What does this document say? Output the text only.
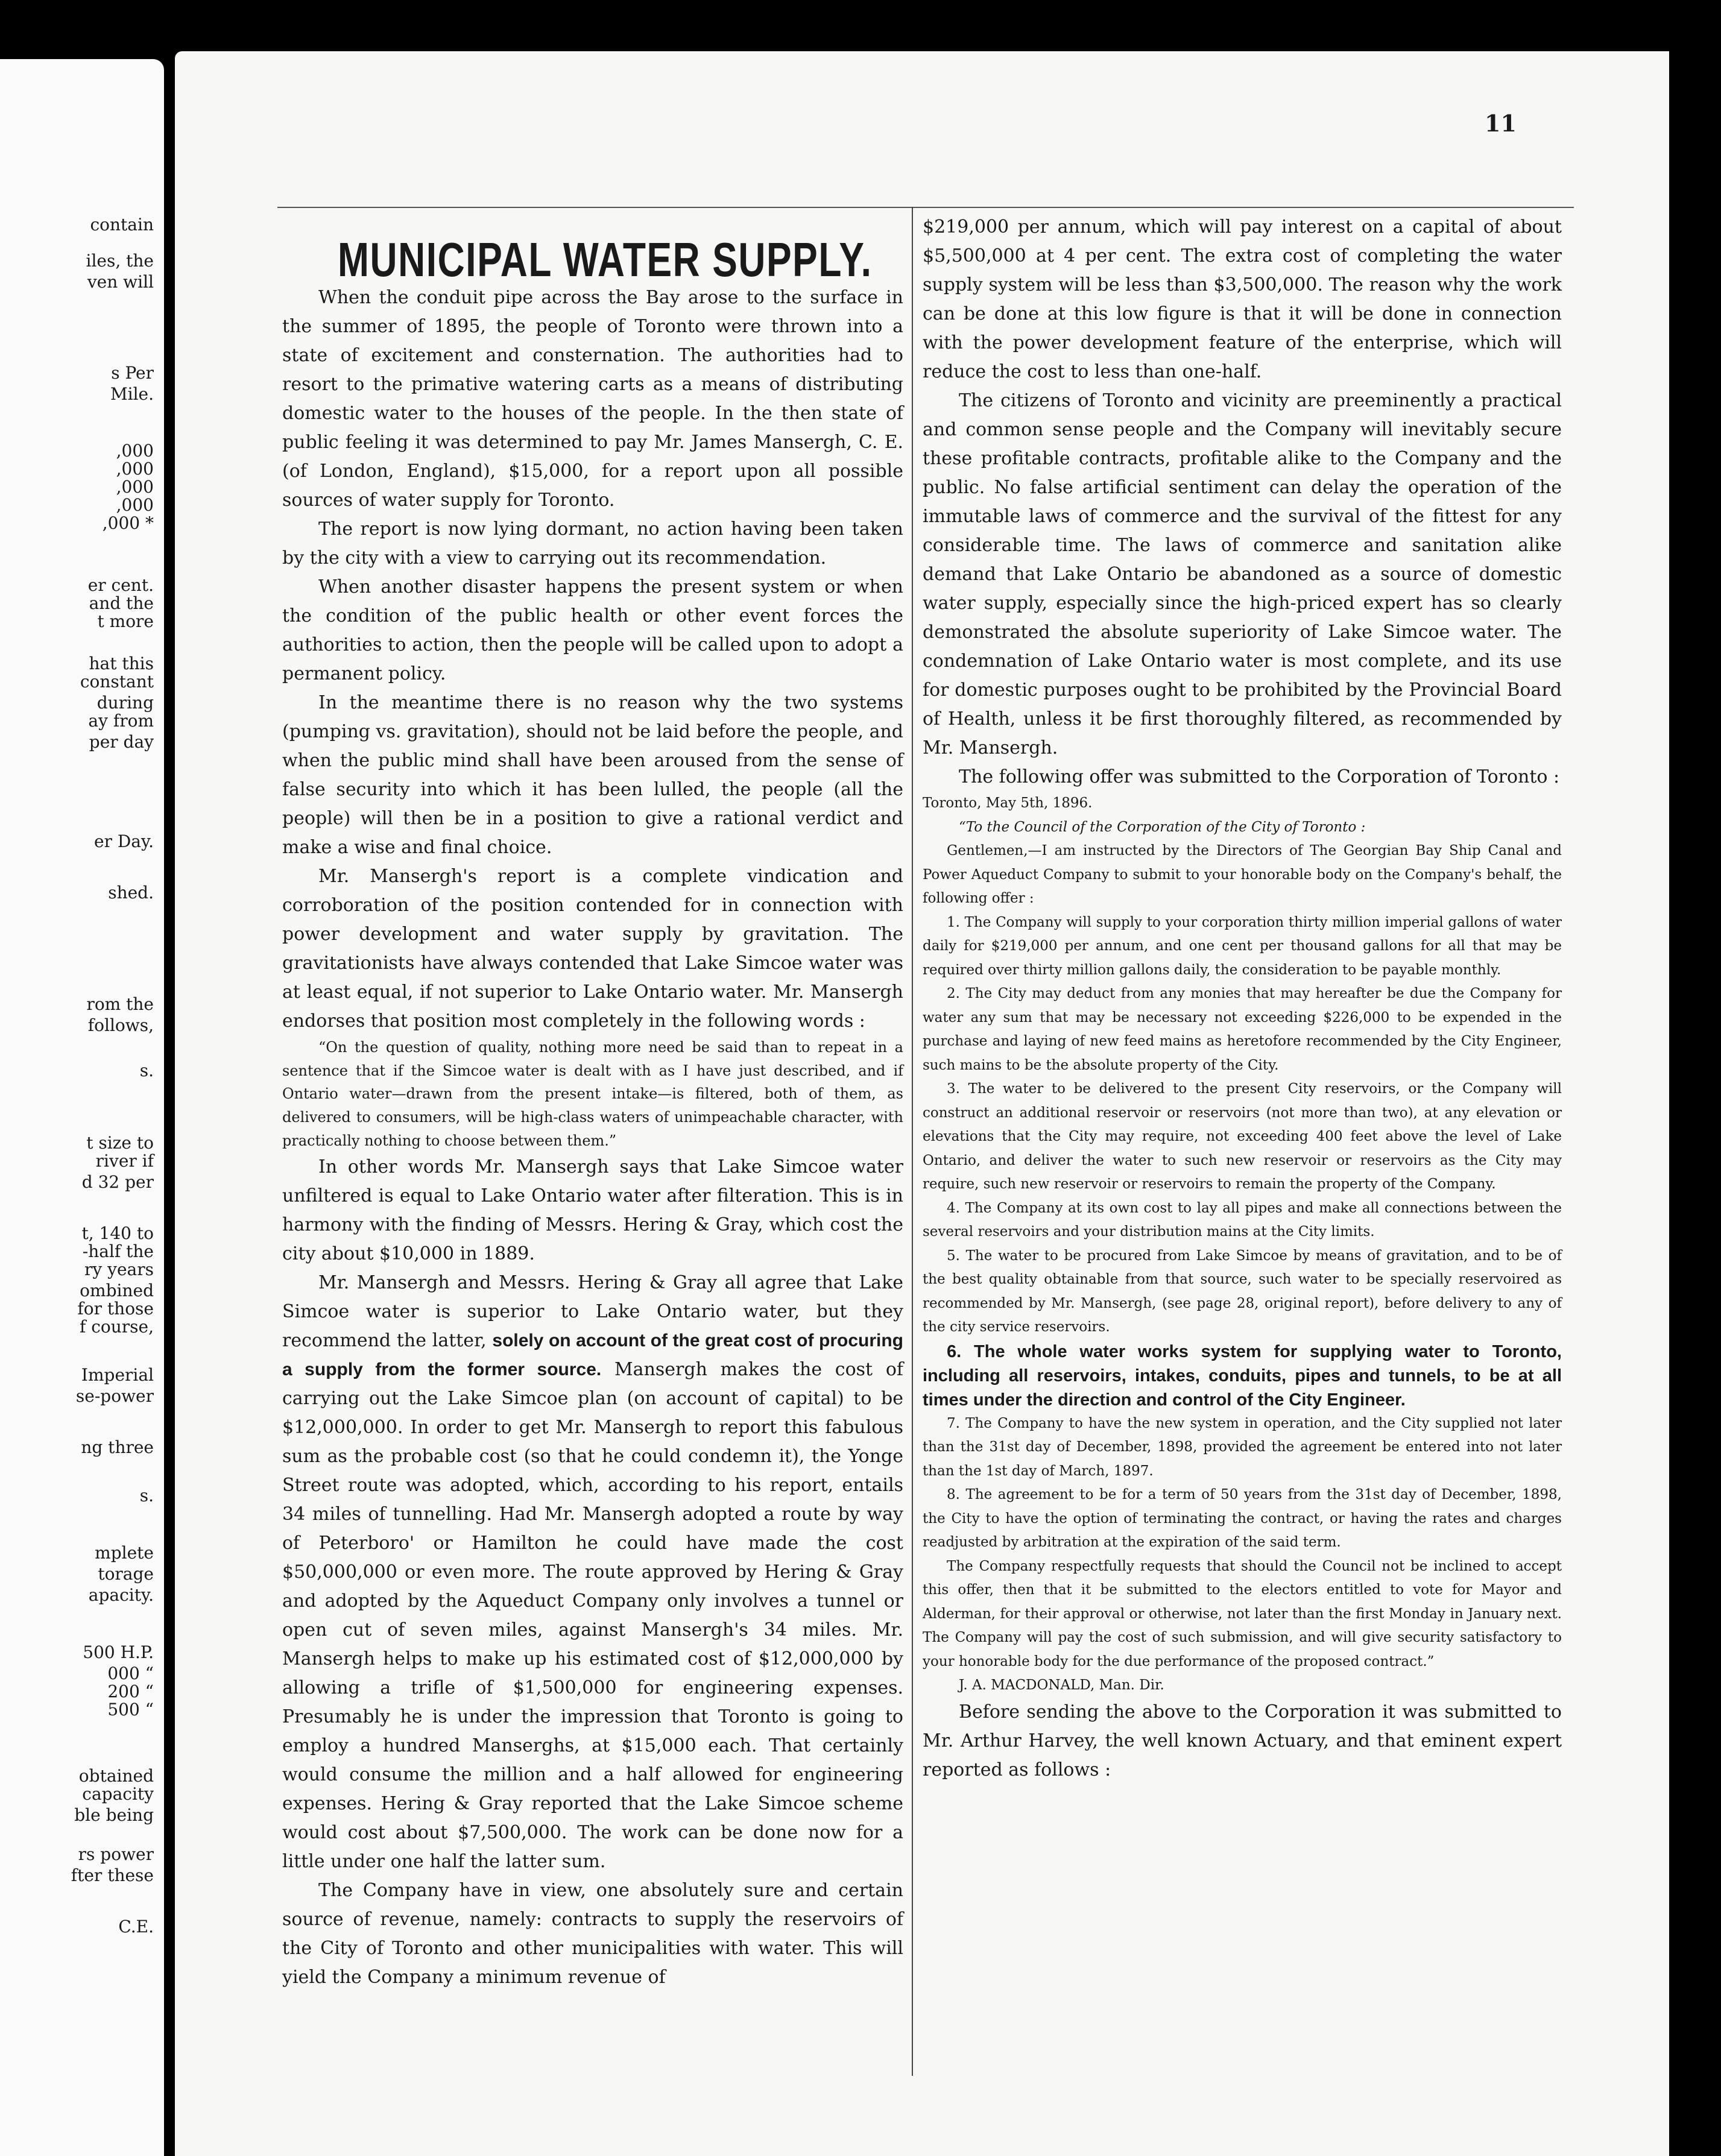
contain
iles, the
ven will
s Per
Mile.
,000
,000
,000
,000
,000 *
er cent.
and the
t more
hat this
constant
during
ay from
per day
er Day.
shed.
rom the
follows,
s.
t size to
river if
d 32 per
t, 140 to
-half the
ry years
ombined
for those
f course,
Imperial
se-power
ng three
s.
mplete
torage
apacity.
500 H.P.
000 “
200 “
500 “
obtained
capacity
ble being
rs power
fter these
C.E.
11
MUNICIPAL WATER SUPPLY.

When the conduit pipe across the Bay arose to the surface in the summer of 1895, the people of Toronto were thrown into a state of excitement and consternation. The authorities had to resort to the primative watering carts as a means of distributing domestic water to the houses of the people. In the then state of public feeling it was determined to pay Mr. James Mansergh, C. E. (of London, England), $15,000, for a report upon all possible sources of water supply for Toronto.

The report is now lying dormant, no action having been taken by the city with a view to carrying out its recommendation.

When another disaster happens the present system or when the condition of the public health or other event forces the authorities to action, then the people will be called upon to adopt a permanent policy.

In the meantime there is no reason why the two systems (pumping vs. gravitation), should not be laid before the people, and when the public mind shall have been aroused from the sense of false security into which it has been lulled, the people (all the people) will then be in a position to give a rational verdict and make a wise and final choice.

Mr. Mansergh's report is a complete vindication and corroboration of the position contended for in connection with power development and water supply by gravitation. The gravitationists have always contended that Lake Simcoe water was at least equal, if not superior to Lake Ontario water. Mr. Mansergh endorses that position most completely in the following words :

“On the question of quality, nothing more need be said than to repeat in a sentence that if the Simcoe water is dealt with as I have just described, and if Ontario water—drawn from the present intake—is filtered, both of them, as delivered to consumers, will be high-class waters of unimpeachable character, with practically nothing to choose between them.”

In other words Mr. Mansergh says that Lake Simcoe water unfiltered is equal to Lake Ontario water after filteration. This is in harmony with the finding of Messrs. Hering & Gray, which cost the city about $10,000 in 1889.

Mr. Mansergh and Messrs. Hering & Gray all agree that Lake Simcoe water is superior to Lake Ontario water, but they recommend the latter, solely on account of the great cost of procuring a supply from the former source. Mansergh makes the cost of carrying out the Lake Simcoe plan (on account of capital) to be $12,000,000. In order to get Mr. Mansergh to report this fabulous sum as the probable cost (so that he could condemn it), the Yonge Street route was adopted, which, according to his report, entails 34 miles of tunnelling. Had Mr. Mansergh adopted a route by way of Peterboro' or Hamilton he could have made the cost $50,000,000 or even more. The route approved by Hering & Gray and adopted by the Aqueduct Company only involves a tunnel or open cut of seven miles, against Mansergh's 34 miles. Mr. Mansergh helps to make up his estimated cost of $12,000,000 by allowing a trifle of $1,500,000 for engineering expenses. Presumably he is under the impression that Toronto is going to employ a hundred Manserghs, at $15,000 each. That certainly would consume the million and a half allowed for engineering expenses. Hering & Gray reported that the Lake Simcoe scheme would cost about $7,500,000. The work can be done now for a little under one half the latter sum.

The Company have in view, one absolutely sure and certain source of revenue, namely: contracts to supply the reservoirs of the City of Toronto and other municipalities with water. This will yield the Company a minimum revenue of

$219,000 per annum, which will pay interest on a capital of about $5,500,000 at 4 per cent. The extra cost of completing the water supply system will be less than $3,500,000. The reason why the work can be done at this low figure is that it will be done in connection with the power development feature of the enterprise, which will reduce the cost to less than one-half.

The citizens of Toronto and vicinity are preeminently a practical and common sense people and the Company will inevitably secure these profitable contracts, profitable alike to the Company and the public. No false artificial sentiment can delay the operation of the immutable laws of commerce and the survival of the fittest for any considerable time. The laws of commerce and sanitation alike demand that Lake Ontario be abandoned as a source of domestic water supply, especially since the high-priced expert has so clearly demonstrated the absolute superiority of Lake Simcoe water. The condemnation of Lake Ontario water is most complete, and its use for domestic purposes ought to be prohibited by the Provincial Board of Health, unless it be first thoroughly filtered, as recommended by Mr. Mansergh.

The following offer was submitted to the Corporation of Toronto :

Toronto, May 5th, 1896.

“To the Council of the Corporation of the City of Toronto :

Gentlemen,—I am instructed by the Directors of The Georgian Bay Ship Canal and Power Aqueduct Company to submit to your honorable body on the Company's behalf, the following offer :

1. The Company will supply to your corporation thirty million imperial gallons of water daily for $219,000 per annum, and one cent per thousand gallons for all that may be required over thirty million gallons daily, the consideration to be payable monthly.

2. The City may deduct from any monies that may hereafter be due the Company for water any sum that may be necessary not exceeding $226,000 to be expended in the purchase and laying of new feed mains as heretofore recommended by the City Engineer, such mains to be the absolute property of the City.

3. The water to be delivered to the present City reservoirs, or the Company will construct an additional reservoir or reservoirs (not more than two), at any elevation or elevations that the City may require, not exceeding 400 feet above the level of Lake Ontario, and deliver the water to such new reservoir or reservoirs as the City may require, such new reservoir or reservoirs to remain the property of the Company.

4. The Company at its own cost to lay all pipes and make all connections between the several reservoirs and your distribution mains at the City limits.

5. The water to be procured from Lake Simcoe by means of gravitation, and to be of the best quality obtainable from that source, such water to be specially reservoired as recommended by Mr. Mansergh, (see page 28, original report), before delivery to any of the city service reservoirs.

6. The whole water works system for supplying water to Toronto, including all reservoirs, intakes, conduits, pipes and tunnels, to be at all times under the direction and control of the City Engineer.

7. The Company to have the new system in operation, and the City supplied not later than the 31st day of December, 1898, provided the agreement be entered into not later than the 1st day of March, 1897.

8. The agreement to be for a term of 50 years from the 31st day of December, 1898, the City to have the option of terminating the contract, or having the rates and charges readjusted by arbitration at the expiration of the said term.

The Company respectfully requests that should the Council not be inclined to accept this offer, then that it be submitted to the electors entitled to vote for Mayor and Alderman, for their approval or otherwise, not later than the first Monday in January next. The Company will pay the cost of such submission, and will give security satisfactory to your honorable body for the due performance of the proposed contract.”

J. A. MACDONALD, Man. Dir.

Before sending the above to the Corporation it was submitted to Mr. Arthur Harvey, the well known Actuary, and that eminent expert reported as follows :
